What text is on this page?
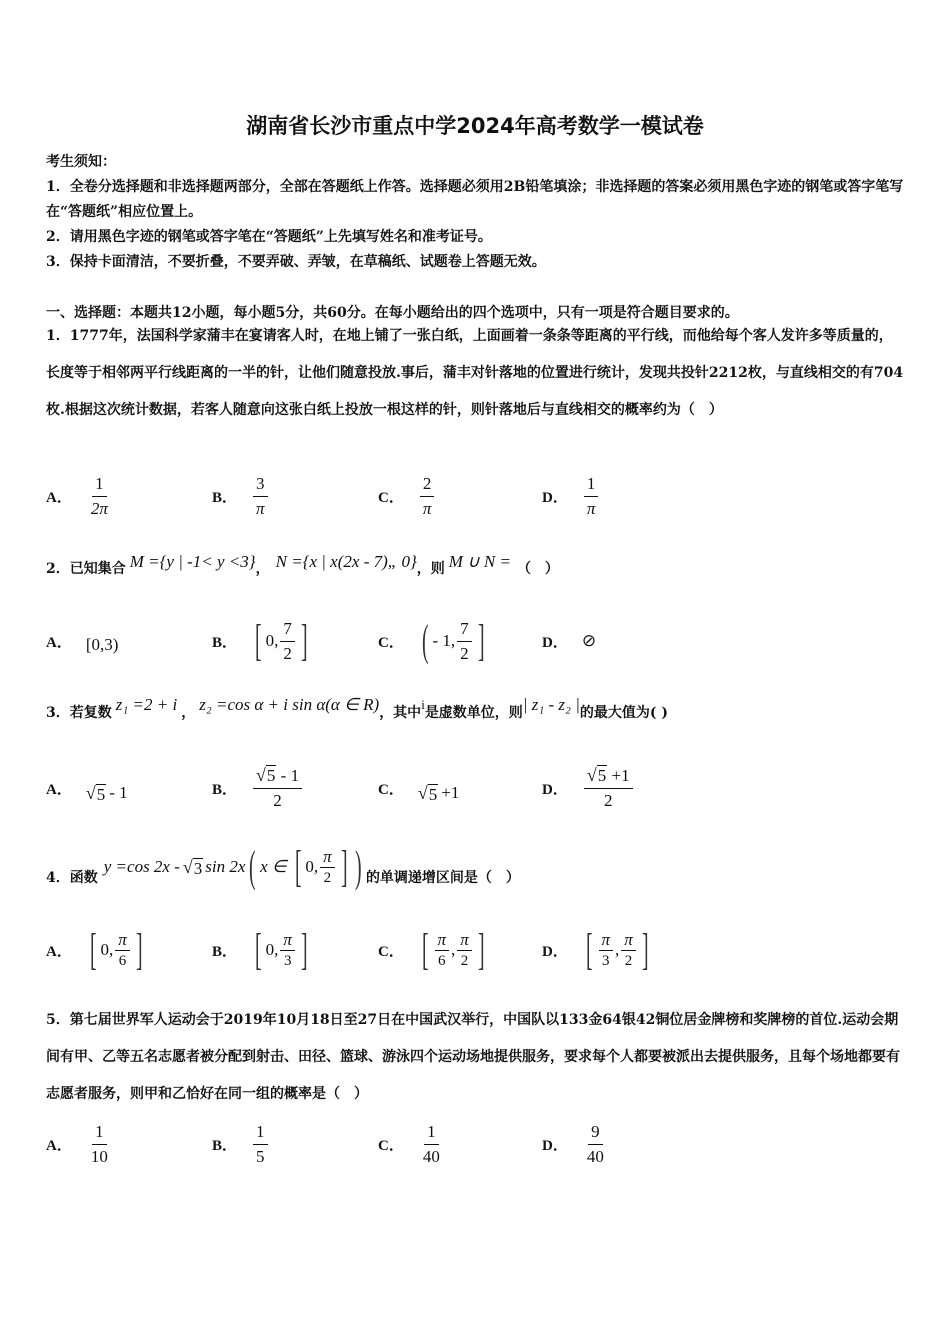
湖南省长沙市重点中学2024年高考数学一模试卷
考生须知：
1．全卷分选择题和非选择题两部分，全部在答题纸上作答。选择题必须用2B铅笔填涂；非选择题的答案必须用黑色字迹的钢笔或答字笔写在“答题纸”相应位置上。
2．请用黑色字迹的钢笔或答字笔在“答题纸”上先填写姓名和准考证号。
3．保持卡面清洁，不要折叠，不要弄破、弄皱，在草稿纸、试题卷上答题无效。
一、选择题：本题共12小题，每小题5分，共60分。在每小题给出的四个选项中，只有一项是符合题目要求的。
1．1777年，法国科学家蒲丰在宴请客人时，在地上铺了一张白纸，上面画着一条条等距离的平行线，而他给每个客人发许多等质量的，长度等于相邻两平行线距离的一半的针，让他们随意投放.事后，蒲丰对针落地的位置进行统计，发现共投针2212枚，与直线相交的有704枚.根据这次统计数据，若客人随意向这张白纸上投放一根这样的针，则针落地后与直线相交的概率约为（　）
A． $\frac{1}{2\pi}$	B． $\frac{3}{\pi}$	C． $\frac{2}{\pi}$	D． $\frac{1}{\pi}$
2．已知集合 M ={y | -1< y <3} ， N ={x | x(2x - 7)„ 0} ，则 M ∪ N = （　）
A． [0,3)	B． [ 0, $\frac{7}{2}$ ]	C． ( - 1, $\frac{7}{2}$ ]	D． ⊘
3．若复数 z₁ =2 + i ， z₂ =cos α + i sin α(α ∈ R) ，其中
i
是虚数单位，则 | z₁ - z₂ | 的最大值为( )
A． √ 5 - 1	B． $\frac{√ 5 - 1}{2}$	C． √ 5 +1	D． $\frac{√ 5 +1}{2}$
4．函数
y =cos 2x - √ 3 sin 2x ( x ∈ [ 0, $\frac{\pi}{2}$ ] ) 的单调递增区间是（　）
A． [ 0, $\frac{\pi}{6}$ ]	B． [ 0, $\frac{\pi}{3}$ ]	C． [ $\frac{\pi}{6}$ , $\frac{\pi}{2}$ ]	D． [ $\frac{\pi}{3}$ , $\frac{\pi}{2}$ ]
5．第七届世界军人运动会于2019年10月18日至27日在中国武汉举行，中国队以133金64银42铜位居金牌榜和奖牌榜的首位.运动会期间有甲、乙等五名志愿者被分配到射击、田径、篮球、游泳四个运动场地提供服务，要求每个人都要被派出去提供服务，且每个场地都要有志愿者服务，则甲和乙恰好在同一组的概率是（　）
A． $\frac{1}{10}$	B． $\frac{1}{5}$	C． $\frac{1}{40}$	D． $\frac{9}{40}$
